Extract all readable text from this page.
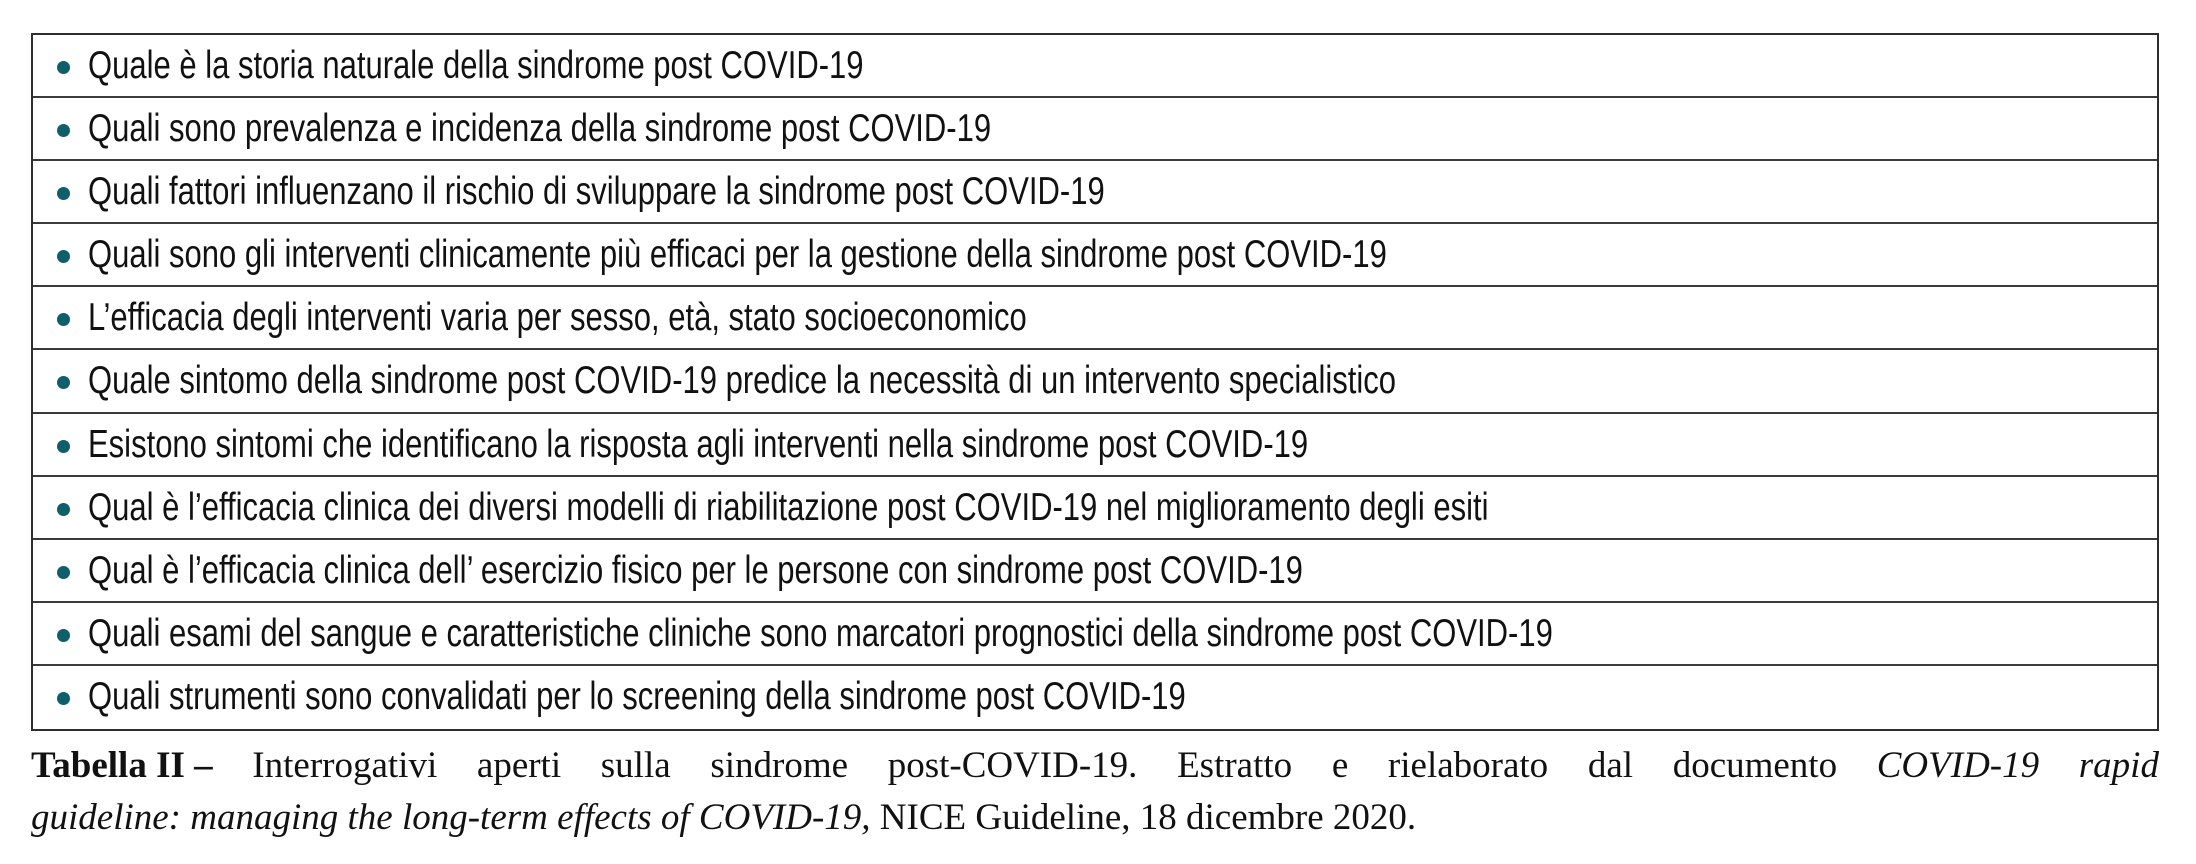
Quale è la storia naturale della sindrome post COVID-19
Quali sono prevalenza e incidenza della sindrome post COVID-19
Quali fattori influenzano il rischio di sviluppare la sindrome post COVID-19
Quali sono gli interventi clinicamente più efficaci per la gestione della sindrome post COVID-19
L’efficacia degli interventi varia per sesso, età, stato socioeconomico
Quale sintomo della sindrome post COVID-19 predice la necessità di un intervento specialistico
Esistono sintomi che identificano la risposta agli interventi nella sindrome post COVID-19
Qual è l’efficacia clinica dei diversi modelli di riabilitazione post COVID-19 nel miglioramento degli esiti
Qual è l’efficacia clinica dell’ esercizio fisico per le persone con sindrome post COVID-19
Quali esami del sangue e caratteristiche cliniche sono marcatori prognostici della sindrome post COVID-19
Quali strumenti sono convalidati per lo screening della sindrome post COVID-19
Tabella II – Interrogativi aperti sulla sindrome post-COVID-19. Estratto e rielaborato dal documento COVID-19 rapid
guideline: managing the long-term effects of COVID-19, NICE Guideline, 18 dicembre 2020.
